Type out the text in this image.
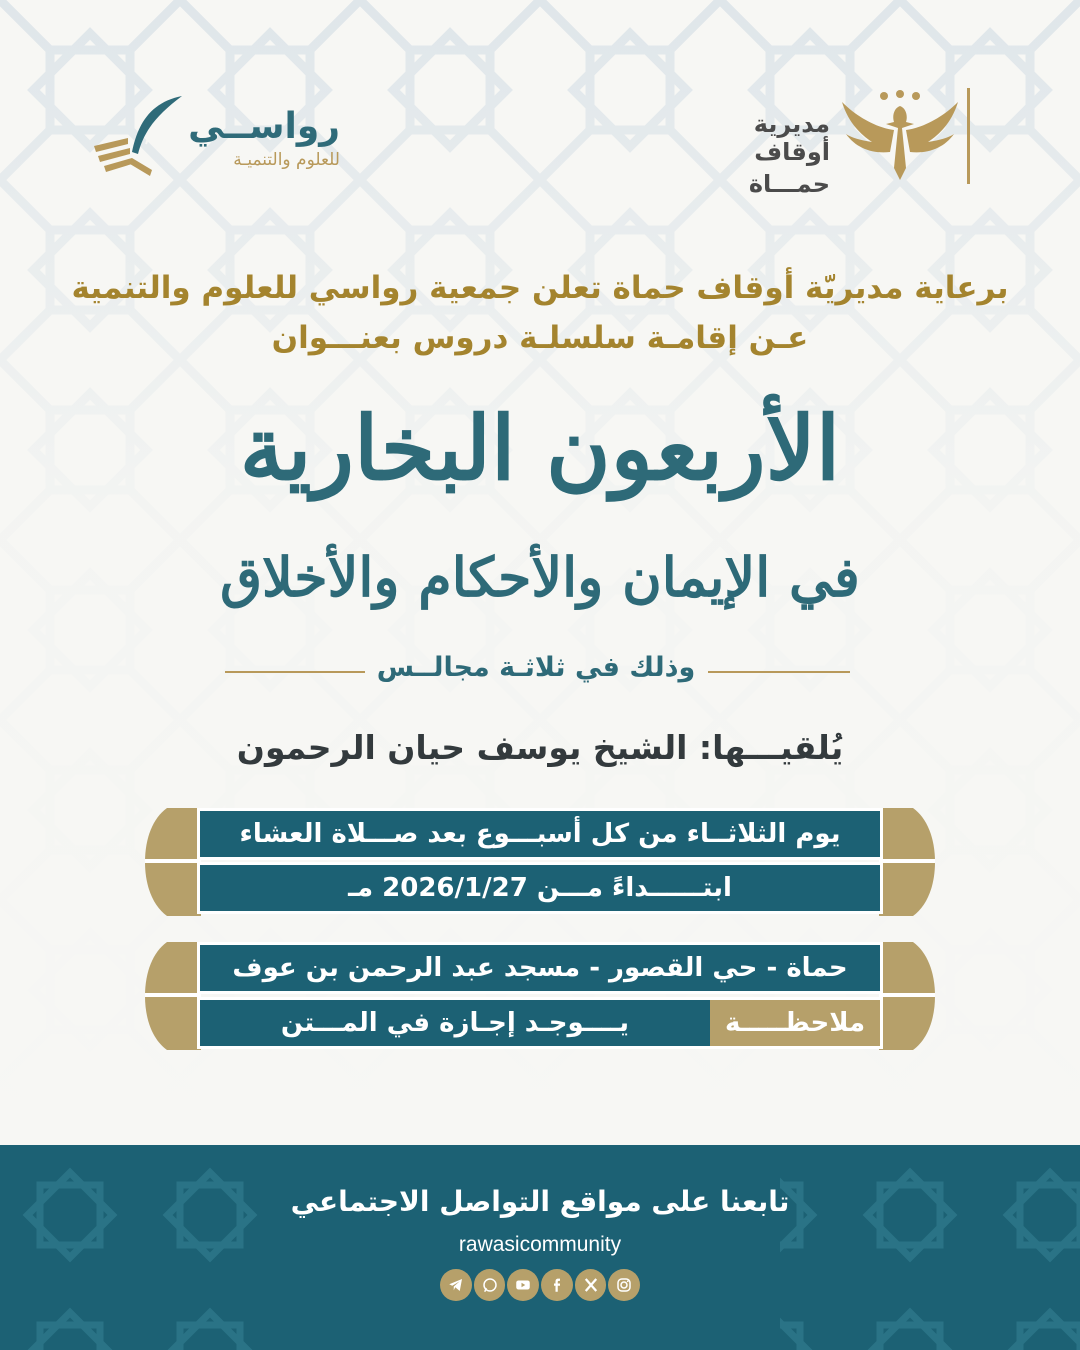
مديرية أوقاف
حمـــاة
رواســي
للعلوم والتنميـة
برعاية مديريّة أوقاف حماة تعلن جمعية رواسي للعلوم والتنمية
عـن إقامـة سلسلـة دروس بعنـــوان
الأربعون البخارية
في الإيمان والأحكام والأخلاق
وذلك في ثلاثـة مجالــس
يُلقيـــها: الشيخ يوسف حيان الرحمون
يوم الثلاثــاء من كل أسبـــوع بعد صـــلاة العشاء
ابتــــــداءً مـــن 2026/1/27 مـ
حماة - حي القصور - مسجد عبد الرحمن بن عوف
ملاحظـــــة
يــــوجـد إجـازة في المـــتن
تابعنا على مواقع التواصل الاجتماعي
rawasicommunity
